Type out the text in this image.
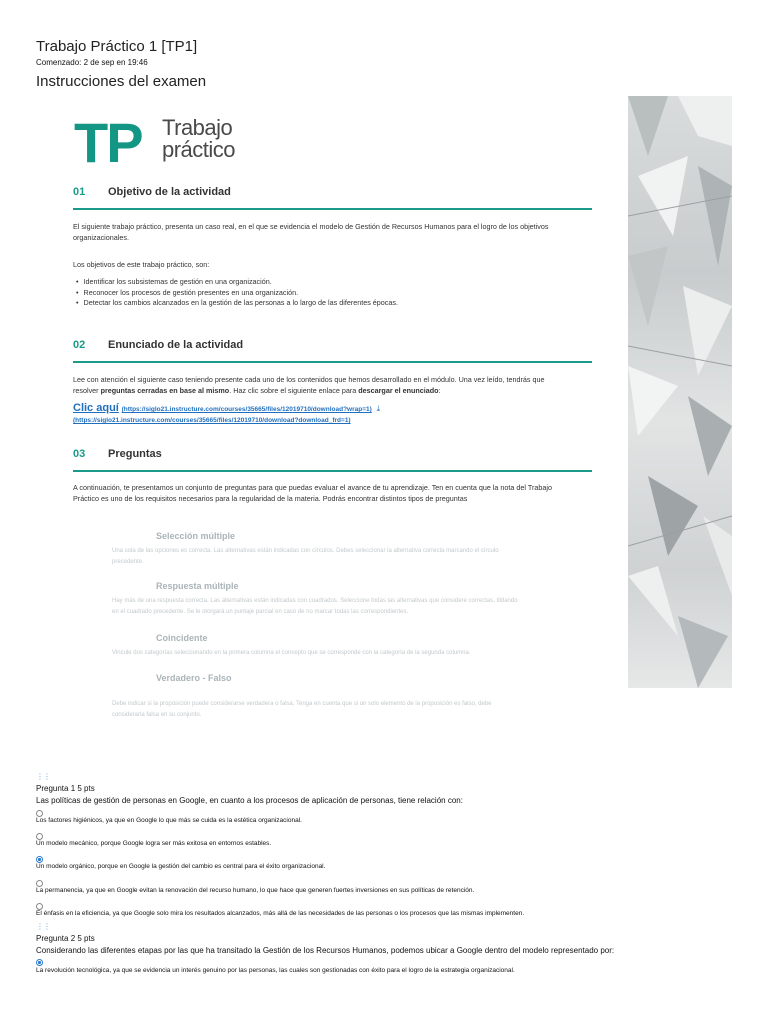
Trabajo Práctico 1 [TP1]
Comenzado: 2 de sep en 19:46
Instrucciones del examen
TP Trabajo
práctico
01 Objetivo de la actividad
El siguiente trabajo práctico, presenta un caso real, en el que se evidencia el modelo de Gestión de Recursos Humanos para el logro de los objetivos
organizacionales.
Los objetivos de este trabajo práctico, son:
• Identificar los subsistemas de gestión en una organización.
• Reconocer los procesos de gestión presentes en una organización.
• Detectar los cambios alcanzados en la gestión de las personas a lo largo de las diferentes épocas.
02 Enunciado de la actividad
Lee con atención el siguiente caso teniendo presente cada uno de los contenidos que hemos desarrollado en el módulo. Una vez leído, tendrás que
resolver preguntas cerradas en base al mismo. Haz clic sobre el siguiente enlace para descargar el enunciado:
Clic aquí (https://siglo21.instructure.com/courses/35665/files/12019710/download?wrap=1) ⤓
(https://siglo21.instructure.com/courses/35665/files/12019710/download?download_frd=1)
03 Preguntas
A continuación, te presentamos un conjunto de preguntas para que puedas evaluar el avance de tu aprendizaje. Ten en cuenta que la nota del Trabajo
Práctico es uno de los requisitos necesarios para la regularidad de la materia. Podrás encontrar distintos tipos de preguntas
Selección múltiple
Una sola de las opciones es correcta. Las alternativas están indicadas con círculos. Debes seleccionar la alternativa correcta marcando el círculo
precedente.
Respuesta múltiple
Hay más de una respuesta correcta. Las alternativas están indicadas con cuadrados. Seleccione todas las alternativas que considere correctas, tildando
en el cuadrado precedente. Se le otorgará un puntaje parcial en caso de no marcar todas las correspondientes.
Coincidente
Vincule dos categorías seleccionando en la primera columna el concepto que se corresponde con la categoría de la segunda columna.
Verdadero - Falso
Debe indicar si la proposición puede considerarse verdadera o falsa. Tenga en cuenta que si un solo elemento de la proposición es falso, debe
considerarla falsa en su conjunto.
⋮⋮
Pregunta 1 5 pts
Las políticas de gestión de personas en Google, en cuanto a los procesos de aplicación de personas, tiene relación con:
Los factores higiénicos, ya que en Google lo que más se cuida es la estética organizacional.
Un modelo mecánico, porque Google logra ser más exitosa en entornos estables.
Un modelo orgánico, porque en Google la gestión del cambio es central para el éxito organizacional.
La permanencia, ya que en Google evitan la renovación del recurso humano, lo que hace que generen fuertes inversiones en sus políticas de retención.
El énfasis en la eficiencia, ya que Google solo mira los resultados alcanzados, más allá de las necesidades de las personas o los procesos que las mismas implementen.
⋮⋮
Pregunta 2 5 pts
Considerando las diferentes etapas por las que ha transitado la Gestión de los Recursos Humanos, podemos ubicar a Google dentro del modelo representado por:
La revolución tecnológica, ya que se evidencia un interés genuino por las personas, las cuales son gestionadas con éxito para el logro de la estrategia organizacional.
